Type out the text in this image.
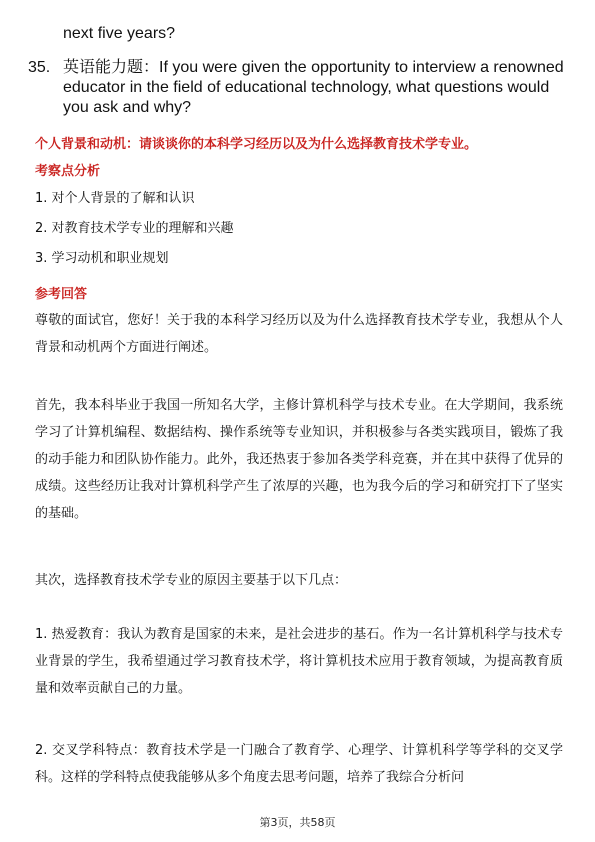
next five years?
35. 英语能力题：If you were given the opportunity to interview a renowned educator in the field of educational technology, what questions would you ask and why?
个人背景和动机：请谈谈你的本科学习经历以及为什么选择教育技术学专业。
考察点分析
1. 对个人背景的了解和认识
2. 对教育技术学专业的理解和兴趣
3. 学习动机和职业规划
参考回答
尊敬的面试官，您好！关于我的本科学习经历以及为什么选择教育技术学专业，我想从个人背景和动机两个方面进行阐述。
首先，我本科毕业于我国一所知名大学，主修计算机科学与技术专业。在大学期间，我系统学习了计算机编程、数据结构、操作系统等专业知识，并积极参与各类实践项目，锻炼了我的动手能力和团队协作能力。此外，我还热衷于参加各类学科竞赛，并在其中获得了优异的成绩。这些经历让我对计算机科学产生了浓厚的兴趣，也为我今后的学习和研究打下了坚实的基础。
其次，选择教育技术学专业的原因主要基于以下几点：
1. 热爱教育：我认为教育是国家的未来，是社会进步的基石。作为一名计算机科学与技术专业背景的学生，我希望通过学习教育技术学，将计算机技术应用于教育领域，为提高教育质量和效率贡献自己的力量。
2. 交叉学科特点：教育技术学是一门融合了教育学、心理学、计算机科学等学科的交叉学科。这样的学科特点使我能够从多个角度去思考问题，培养了我综合分析问
第3页，共58页
